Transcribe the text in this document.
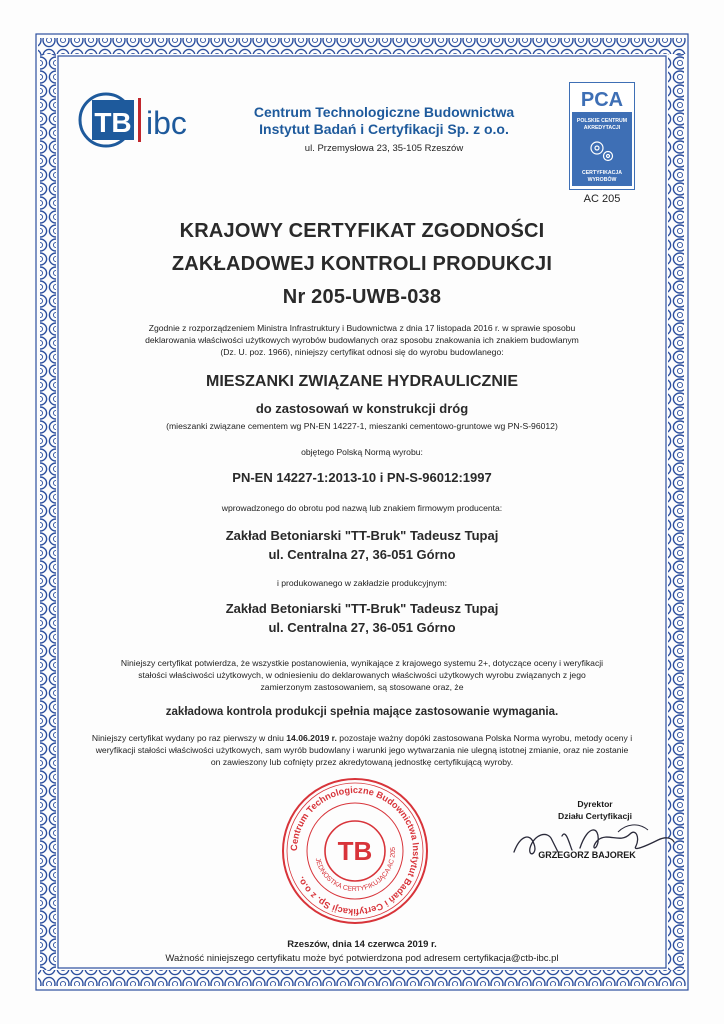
TB ibc	Centrum Technologiczne Budownictwa
Instytut Badań i Certyfikacji Sp. z o.o.
ul. Przemysłowa 23, 35-105 Rzeszów
PCA
POLSKIE CENTRUM
AKREDYTACJI
CERTYFIKACJA
WYROBÓW
AC 205
KRAJOWY CERTYFIKAT ZGODNOŚCI
ZAKŁADOWEJ KONTROLI PRODUKCJI
Nr 205-UWB-038
Zgodnie z rozporządzeniem Ministra Infrastruktury i Budownictwa z dnia 17 listopada 2016 r. w sprawie sposobu deklarowania właściwości użytkowych wyrobów budowlanych oraz sposobu znakowania ich znakiem budowlanym (Dz. U. poz. 1966), niniejszy certyfikat odnosi się do wyrobu budowlanego:
MIESZANKI ZWIĄZANE HYDRAULICZNIE
do zastosowań w konstrukcji dróg
(mieszanki związane cementem wg PN-EN 14227-1, mieszanki cementowo-gruntowe wg PN-S-96012)
objętego Polską Normą wyrobu:
PN-EN 14227-1:2013-10 i PN-S-96012:1997
wprowadzonego do obrotu pod nazwą lub znakiem firmowym producenta:
Zakład Betoniarski "TT-Bruk" Tadeusz Tupaj
ul. Centralna 27, 36-051 Górno
i produkowanego w zakładzie produkcyjnym:
Zakład Betoniarski "TT-Bruk" Tadeusz Tupaj
ul. Centralna 27, 36-051 Górno
Niniejszy certyfikat potwierdza, że wszystkie postanowienia, wynikające z krajowego systemu 2+, dotyczące oceny i weryfikacji stałości właściwości użytkowych, w odniesieniu do deklarowanych właściwości użytkowych wyrobu związanych z jego zamierzonym zastosowaniem, są stosowane oraz, że
zakładowa kontrola produkcji spełnia mające zastosowanie wymagania.
Niniejszy certyfikat wydany po raz pierwszy w dniu 14.06.2019 r. pozostaje ważny dopóki zastosowana Polska Norma wyrobu, metody oceny i weryfikacji stałości właściwości użytkowych, sam wyrób budowlany i warunki jego wytwarzania nie ulegną istotnej zmianie, oraz nie zostanie on zawieszony lub cofnięty przez akredytowaną jednostkę certyfikującą wyroby.
Centrum Technologiczne Budownictwa Instytut Badań i Certyfikacji Sp. z o.o.
JEDNOSTKA CERTYFIKUJĄCA AC 205
TB
Dyrektor
Działu Certyfikacji
GRZEGORZ BAJOREK
Rzeszów, dnia 14 czerwca 2019 r.
Ważność niniejszego certyfikatu może być potwierdzona pod adresem certyfikacja@ctb-ibc.pl
